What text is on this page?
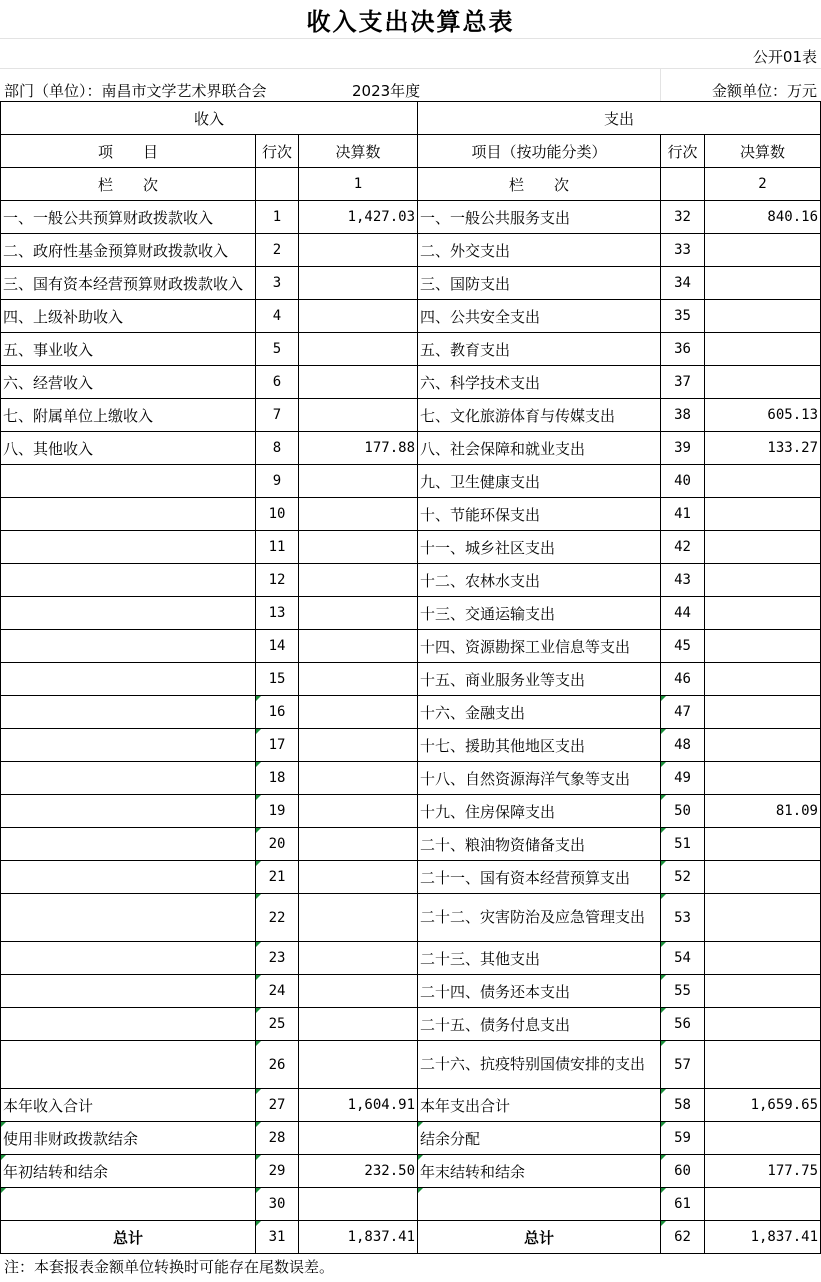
收入支出决算总表
公开01表
部门（单位）：南昌市文学艺术界联合会	2023年度	金额单位：万元
收入			支出		
项　　目	行次	决算数	项目（按功能分类）	行次	决算数
栏　　次		1	栏　　次		2
一、一般公共预算财政拨款收入	1	1,427.03	一、一般公共服务支出	32	840.16
二、政府性基金预算财政拨款收入	2		二、外交支出	33	
三、国有资本经营预算财政拨款收入	3		三、国防支出	34	
四、上级补助收入	4		四、公共安全支出	35	
五、事业收入	5		五、教育支出	36	
六、经营收入	6		六、科学技术支出	37	
七、附属单位上缴收入	7		七、文化旅游体育与传媒支出	38	605.13
八、其他收入	8	177.88	八、社会保障和就业支出	39	133.27
	9		九、卫生健康支出	40	
	10		十、节能环保支出	41	
	11		十一、城乡社区支出	42	
	12		十二、农林水支出	43	
	13		十三、交通运输支出	44	
	14		十四、资源勘探工业信息等支出	45	
	15		十五、商业服务业等支出	46	
	16		十六、金融支出	47	
	17		十七、援助其他地区支出	48	
	18		十八、自然资源海洋气象等支出	49	
	19		十九、住房保障支出	50	81.09
	20		二十、粮油物资储备支出	51	
	21		二十一、国有资本经营预算支出	52	
	22		二十二、灾害防治及应急管理支出	53	
	23		二十三、其他支出	54	
	24		二十四、债务还本支出	55	
	25		二十五、债务付息支出	56	
	26		二十六、抗疫特别国债安排的支出	57	
本年收入合计	27	1,604.91	本年支出合计	58	1,659.65
使用非财政拨款结余	28		结余分配	59	
年初结转和结余	29	232.50	年末结转和结余	60	177.75
	30			61	
总计	31	1,837.41	总计	62	1,837.41
注：本套报表金额单位转换时可能存在尾数误差。
